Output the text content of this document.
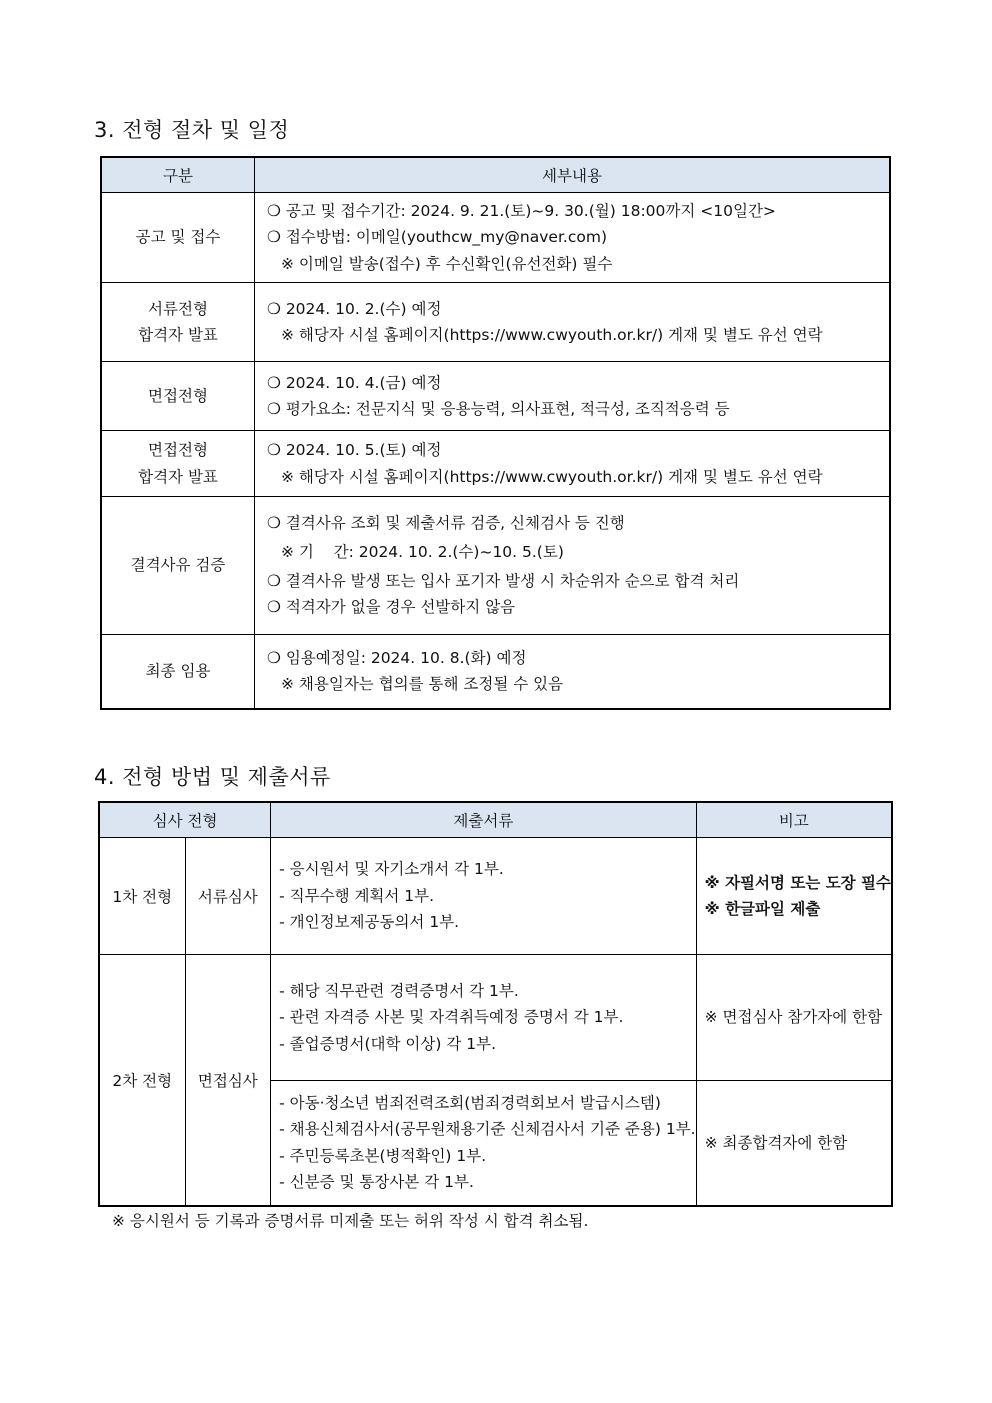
3. 전형 절차 및 일정
구분	세부내용

공고 및 접수	❍ 공고 및 접수기간: 2024. 9. 21.(토)~9. 30.(월) 18:00까지 <10일간>
❍ 접수방법: 이메일(youthcw_my@naver.com)
※ 이메일 발송(접수) 후 수신확인(유선전화) 필수

서류전형
합격자 발표	❍ 2024. 10. 2.(수) 예정
※ 해당자 시설 홈페이지(https://www.cwyouth.or.kr/) 게재 및 별도 유선 연락

면접전형	❍ 2024. 10. 4.(금) 예정
❍ 평가요소: 전문지식 및 응용능력, 의사표현, 적극성, 조직적응력 등

면접전형
합격자 발표	❍ 2024. 10. 5.(토) 예정
※ 해당자 시설 홈페이지(https://www.cwyouth.or.kr/) 게재 및 별도 유선 연락

결격사유 검증	❍ 결격사유 조회 및 제출서류 검증, 신체검사 등 진행
※ 기    간: 2024. 10. 2.(수)~10. 5.(토)
❍ 결격사유 발생 또는 입사 포기자 발생 시 차순위자 순으로 합격 처리
❍ 적격자가 없을 경우 선발하지 않음

최종 임용	❍ 임용예정일: 2024. 10. 8.(화) 예정
※ 채용일자는 협의를 통해 조정될 수 있음
4. 전형 방법 및 제출서류
심사 전형		제출서류	비고
1차 전형	서류심사	- 응시원서 및 자기소개서 각 1부.
- 직무수행 계획서 1부.
- 개인정보제공동의서 1부.	※ 자필서명 또는 도장 필수
※ 한글파일 제출

2차 전형	면접심사	- 해당 직무관련 경력증명서 각 1부.
- 관련 자격증 사본 및 자격취득예정 증명서 각 1부.
- 졸업증명서(대학 이상) 각 1부.	※ 면접심사 참가자에 한함

		- 아동·청소년 범죄전력조회(범죄경력회보서 발급시스템)
- 채용신체검사서(공무원채용기준 신체검사서 기준 준용) 1부.
- 주민등록초본(병적확인) 1부.
- 신분증 및 통장사본 각 1부.	※ 최종합격자에 한함

※ 응시원서 등 기록과 증명서류 미제출 또는 허위 작성 시 합격 취소됨.
